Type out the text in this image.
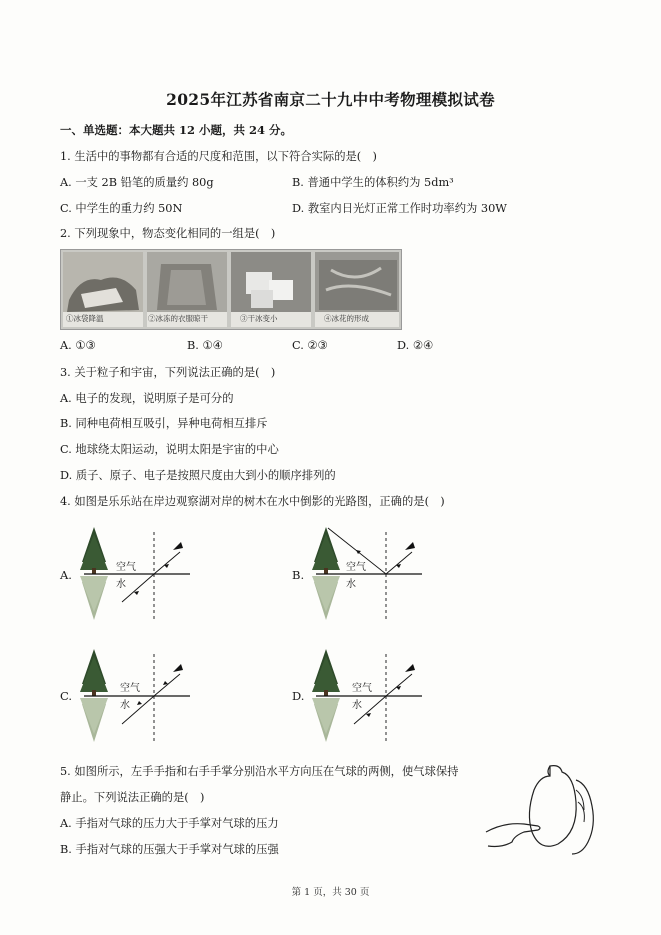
2025年江苏省南京二十九中中考物理模拟试卷
一、单选题：本大题共 12 小题，共 24 分。
1. 生活中的事物都有合适的尺度和范围，以下符合实际的是(　)
A. 一支 2B 铅笔的质量约 80g	B. 普通中学生的体积约为 5dm³
C. 中学生的重力约 50N	D. 教室内日光灯正常工作时功率约为 30W
2. 下列现象中，物态变化相同的一组是(　)
①冰袋降温	②冰冻的衣服晾干	③干冰变小	④冰花的形成
A. ①③	B. ①④	C. ②③	D. ②④
3. 关于粒子和宇宙，下列说法正确的是(　)
A. 电子的发现，说明原子是可分的
B. 同种电荷相互吸引，异种电荷相互排斥
C. 地球绕太阳运动，说明太阳是宇宙的中心
D. 质子、原子、电子是按照尺度由大到小的顺序排列的
4. 如图是乐乐站在岸边观察湖对岸的树木在水中倒影的光路图，正确的是(　)
A.
空气
水
B.
空气
水
C.
空气
水
D.
空气
水
5. 如图所示，左手手指和右手手掌分别沿水平方向压在气球的两侧，使气球保持
静止。下列说法正确的是(　)
A. 手指对气球的压力大于手掌对气球的压力
B. 手指对气球的压强大于手掌对气球的压强
第 1 页，共 30 页
